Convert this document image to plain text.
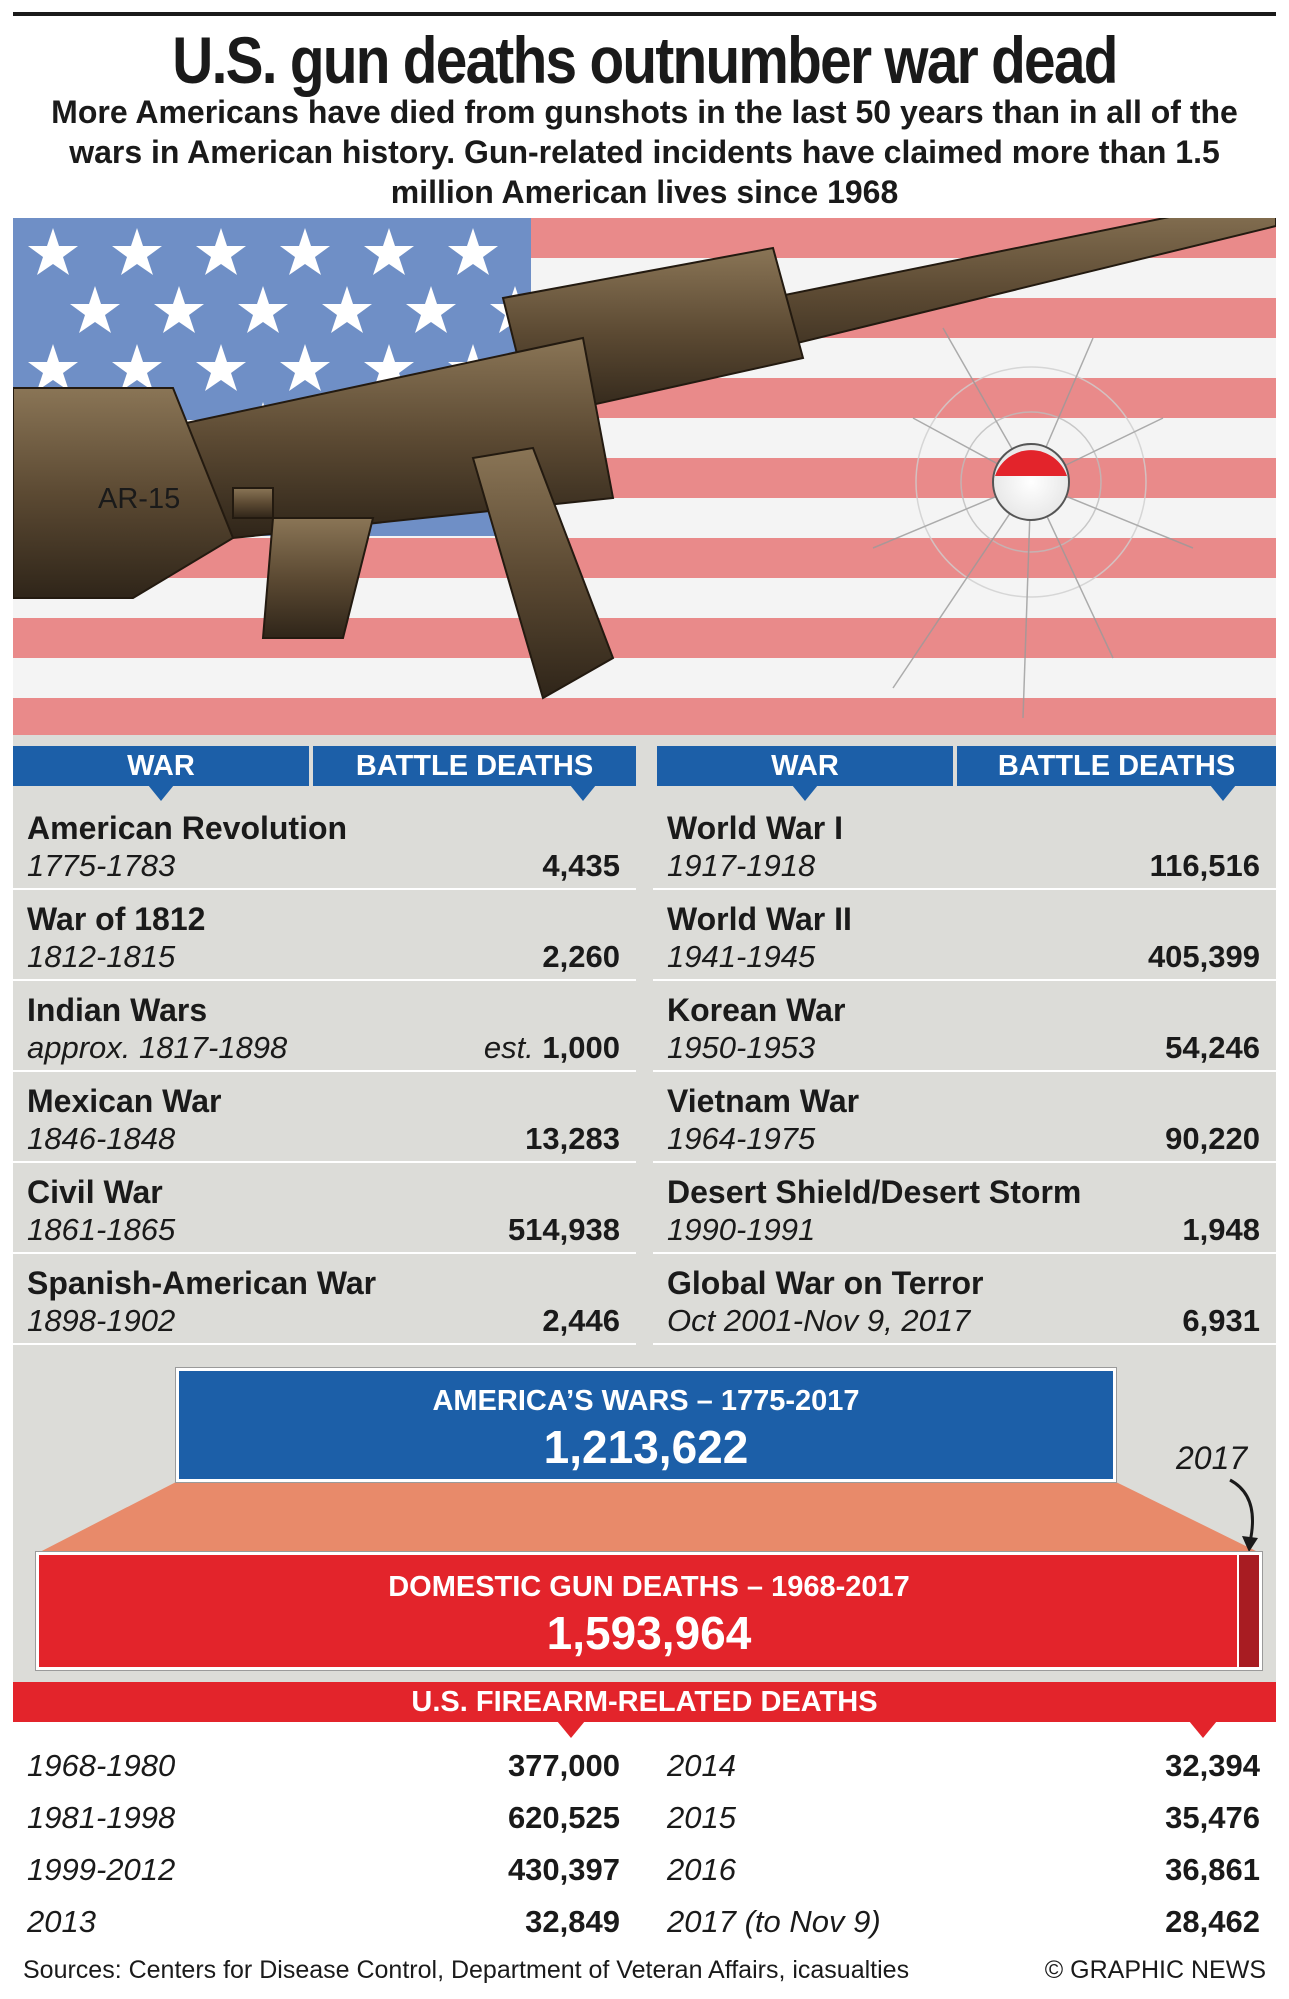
U.S. gun deaths outnumber war dead

More Americans have died from gunshots in the last 50 years than in all of the wars in American history. Gun-related incidents have claimed more than 1.5 million American lives since 1968

AR-15
WAR	BATTLE DEATHS	WAR	BATTLE DEATHS
American Revolution
1775-1783	4,435
War of 1812
1812-1815	2,260
Indian Wars
approx. 1817-1898	est. 1,000
Mexican War
1846-1848	13,283
Civil War
1861-1865	514,938
Spanish-American War
1898-1902	2,446
World War I
1917-1918	116,516
World War II
1941-1945	405,399
Korean War
1950-1953	54,246
Vietnam War
1964-1975	90,220
Desert Shield/Desert Storm
1990-1991	1,948
Global War on Terror
Oct 2001-Nov 9, 2017	6,931
AMERICA’S WARS – 1775-2017
1,213,622	2017
DOMESTIC GUN DEATHS – 1968-2017
1,593,964
U.S. FIREARM-RELATED DEATHS
1968-1980	377,000
1981-1998	620,525
1999-2012	430,397
2013	32,849
2014	32,394
2015	35,476
2016	36,861
2017 (to Nov 9)	28,462
Sources: Centers for Disease Control, Department of Veteran Affairs, icasualties	© GRAPHIC NEWS
